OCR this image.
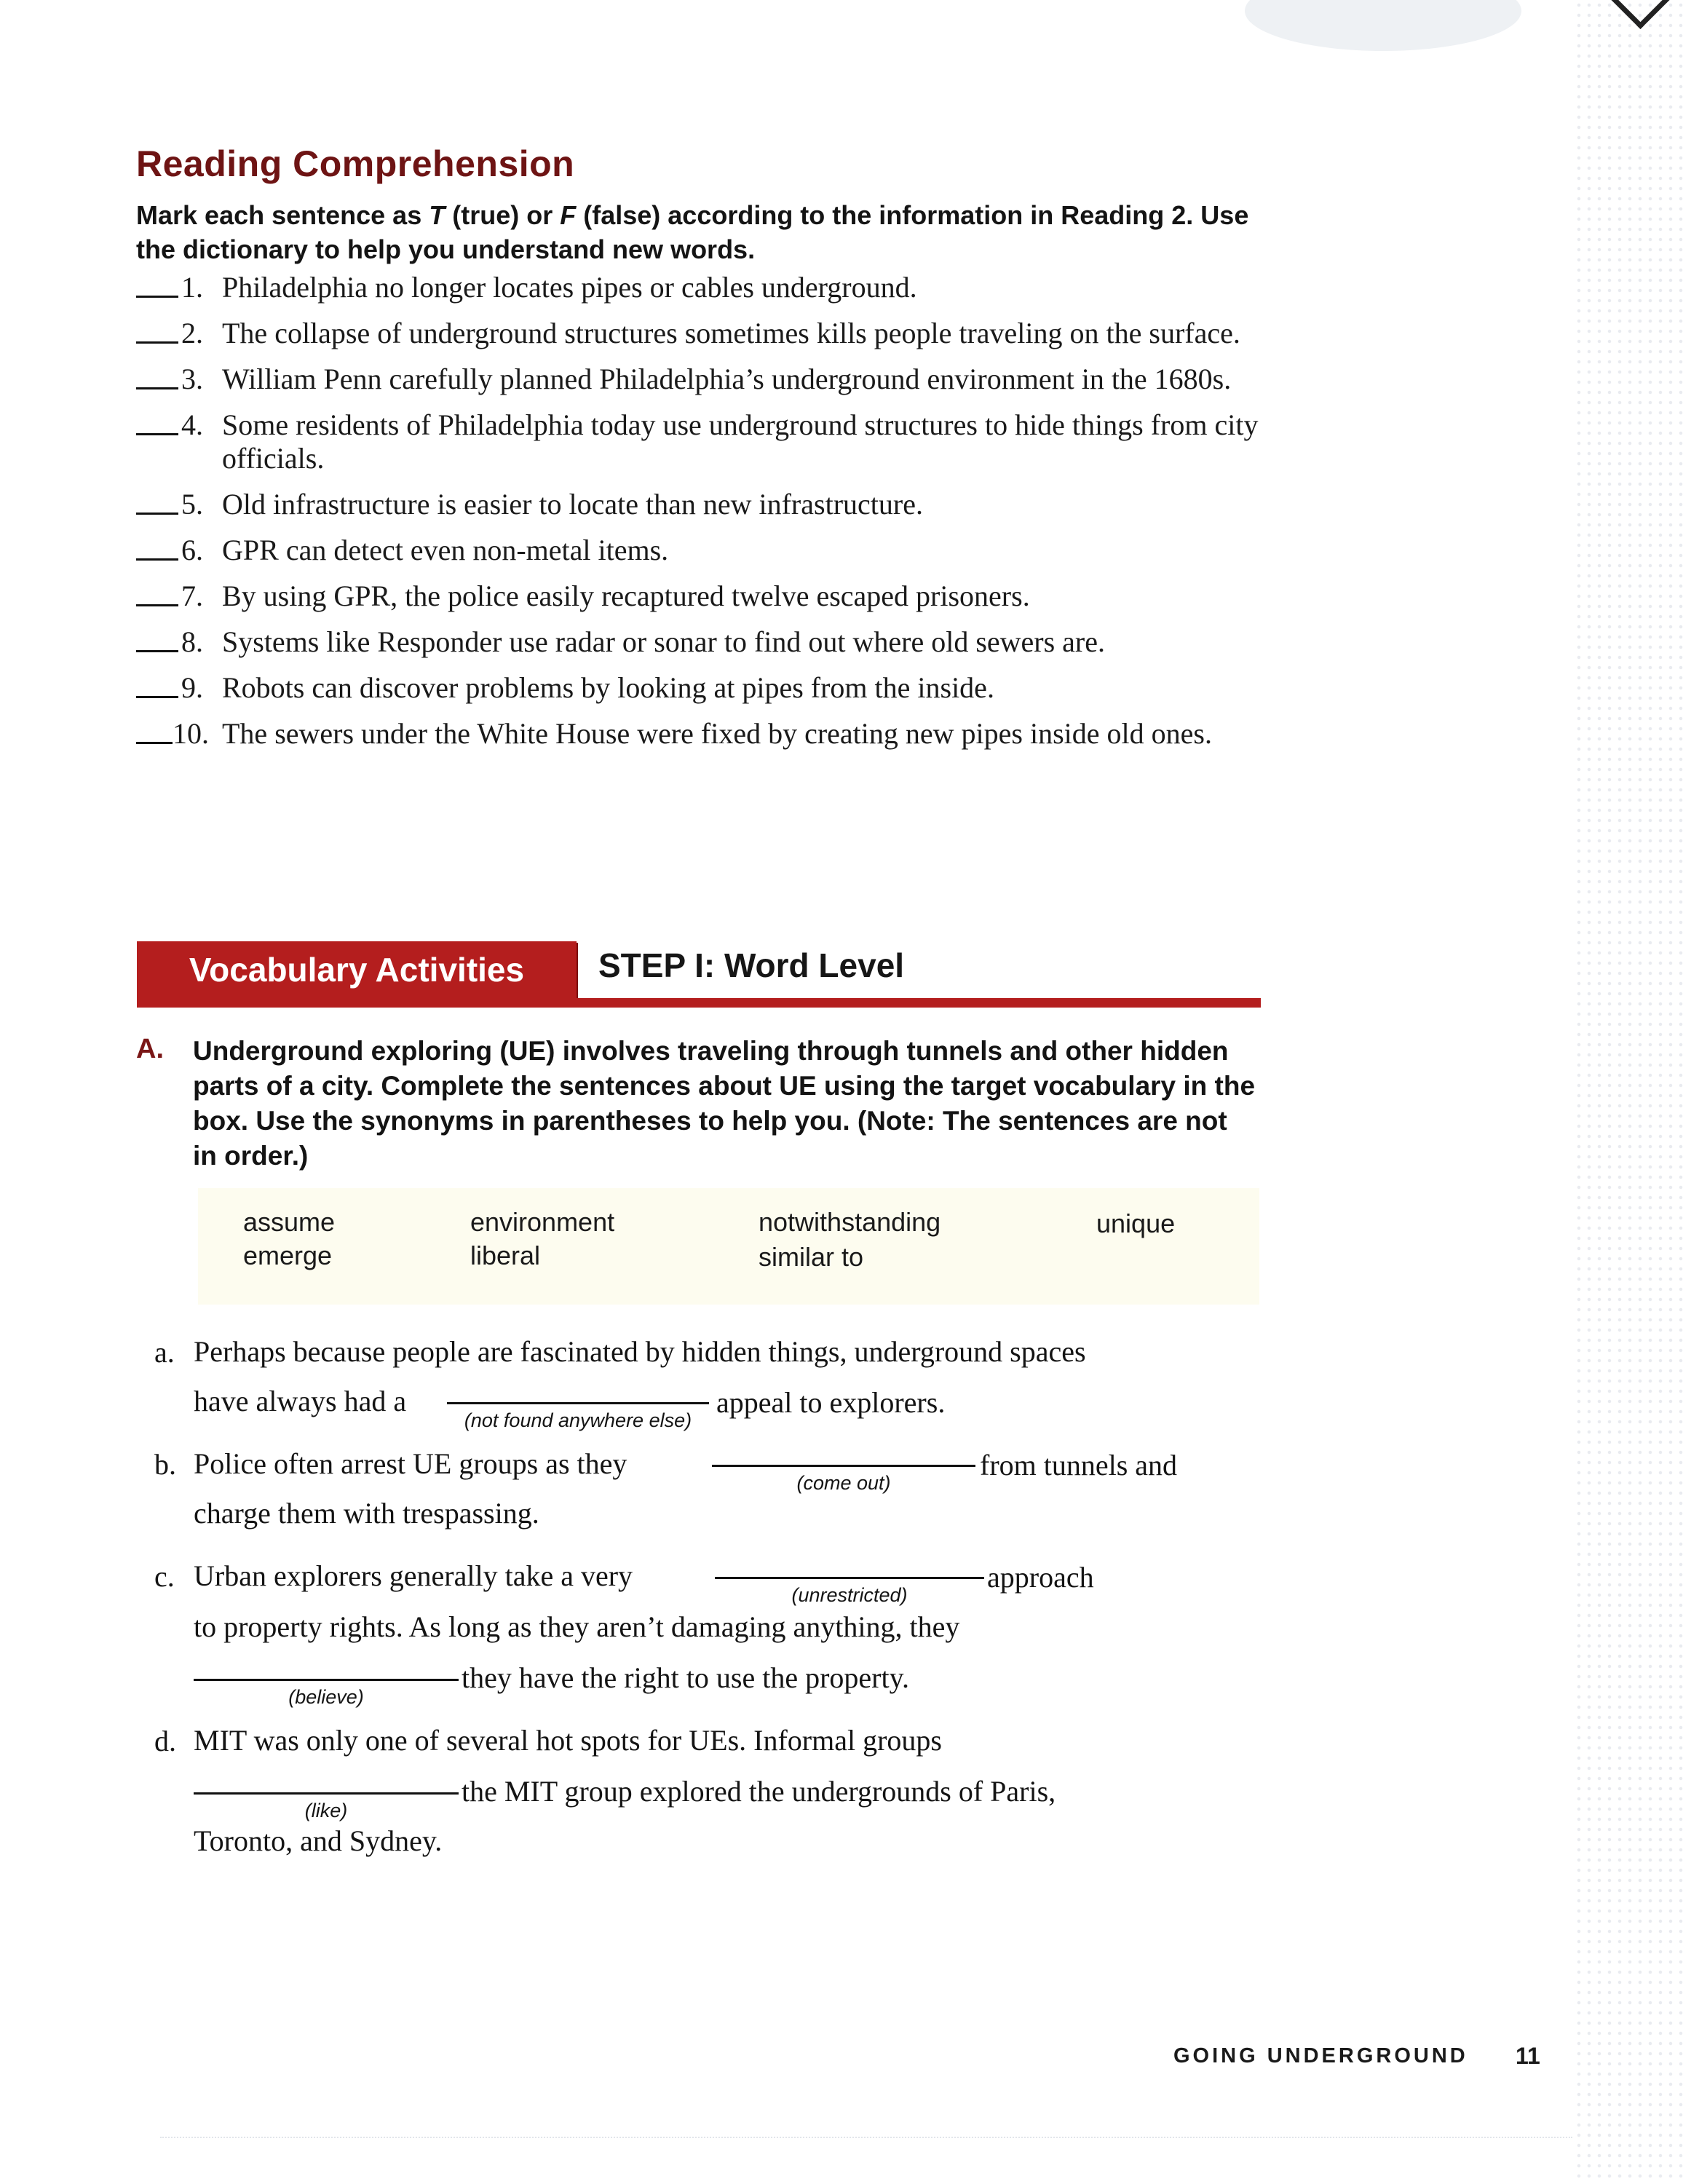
Reading Comprehension
Mark each sentence as T (true) or F (false) according to the information in Reading 2. Use the dictionary to help you understand new words.
1. Philadelphia no longer locates pipes or cables underground.
2. The collapse of underground structures sometimes kills people traveling on the surface.
3. William Penn carefully planned Philadelphia’s underground environment in the 1680s.
4. Some residents of Philadelphia today use underground structures to hide things from city officials.
5. Old infrastructure is easier to locate than new infrastructure.
6. GPR can detect even non-metal items.
7. By using GPR, the police easily recaptured twelve escaped prisoners.
8. Systems like Responder use radar or sonar to find out where old sewers are.
9. Robots can discover problems by looking at pipes from the inside.
10. The sewers under the White House were fixed by creating new pipes inside old ones.
Vocabulary Activities	STEP I: Word Level
A. Underground exploring (UE) involves traveling through tunnels and other hidden parts of a city. Complete the sentences about UE using the target vocabulary in the box. Use the synonyms in parentheses to help you. (Note: The sentences are not in order.)
assume	environment	notwithstanding	unique
emerge	liberal	similar to
a. Perhaps because people are fascinated by hidden things, underground spaces
have always had a
(not found anywhere else)
appeal to explorers.
b. Police often arrest UE groups as they
(come out)
from tunnels and
charge them with trespassing.
c. Urban explorers generally take a very
(unrestricted)
approach
to property rights. As long as they aren’t damaging anything, they
(believe)
they have the right to use the property.
d. MIT was only one of several hot spots for UEs. Informal groups
(like)
the MIT group explored the undergrounds of Paris,
Toronto, and Sydney.
GOING UNDERGROUND 11
